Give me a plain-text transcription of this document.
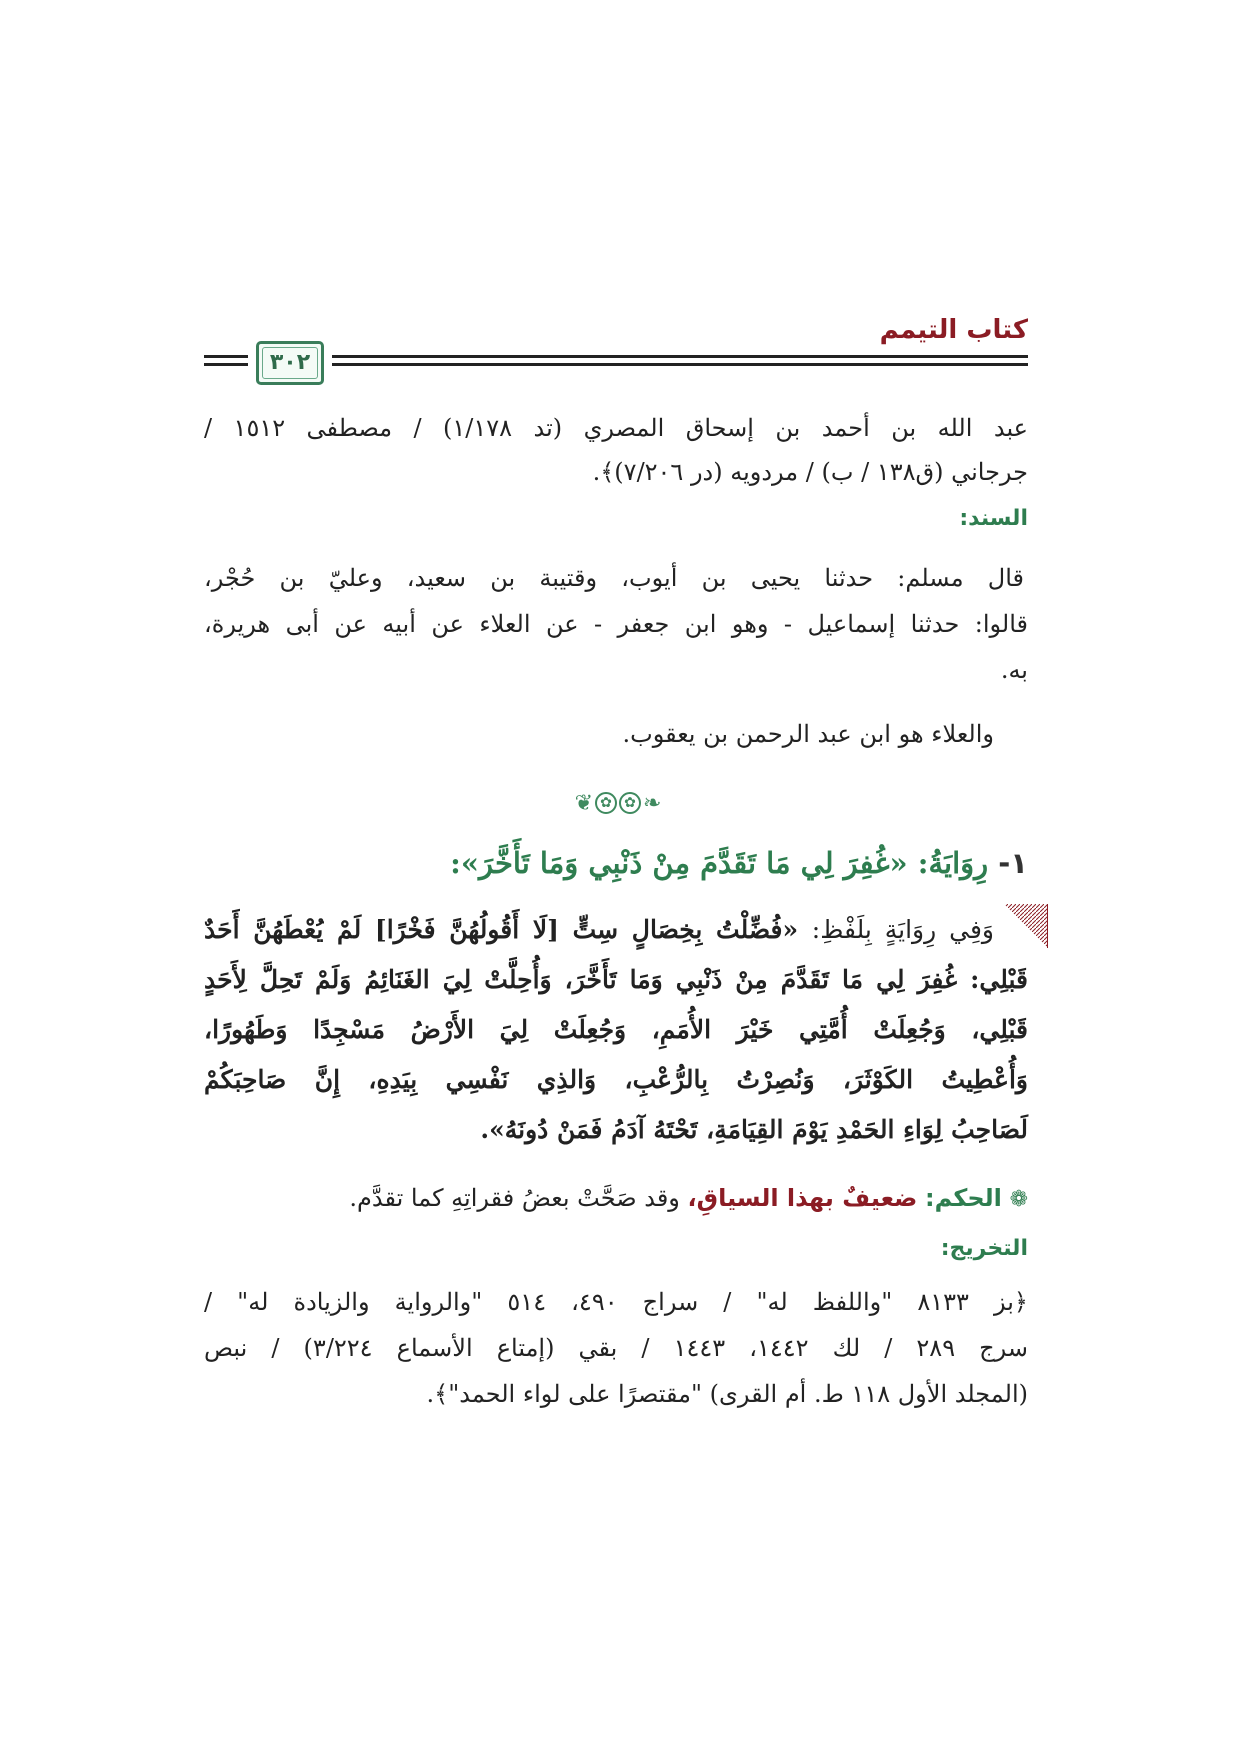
كتاب التيمم
٣٠٢
عبد الله بن أحمد بن إسحاق المصري (تد ١/١٧٨) / مصطفى ١٥١٢ /
جرجاني (ق١٣٨ / ب) / مردويه (در ٧/٢٠٦)﴾.
السند:
قال مسلم: حدثنا يحيى بن أيوب، وقتيبة بن سعيد، وعليّ بن حُجْر،
قالوا: حدثنا إسماعيل - وهو ابن جعفر - عن العلاء عن أبيه عن أبى هريرة،
به.
والعلاء هو ابن عبد الرحمن بن يعقوب.
❦ ✿ ✿ ❧
١- رِوَايَةُ: «غُفِرَ لِي مَا تَقَدَّمَ مِنْ ذَنْبِي وَمَا تَأَخَّرَ»:
وَفِي رِوَايَةٍ بِلَفْظِ: «فُضِّلْتُ بِخِصَالٍ سِتٍّ [لَا أَقُولُهُنَّ فَخْرًا] لَمْ يُعْطَهُنَّ أَحَدٌ
قَبْلِي: غُفِرَ لِي مَا تَقَدَّمَ مِنْ ذَنْبِي وَمَا تَأَخَّرَ، وَأُحِلَّتْ لِيَ الغَنَائِمُ وَلَمْ تَحِلَّ لِأَحَدٍ
قَبْلِي، وَجُعِلَتْ أُمَّتِي خَيْرَ الأُمَمِ، وَجُعِلَتْ لِيَ الأَرْضُ مَسْجِدًا وَطَهُورًا،
وَأُعْطِيتُ الكَوْثَرَ، وَنُصِرْتُ بِالرُّعْبِ، وَالذِي نَفْسِي بِيَدِهِ، إِنَّ صَاحِبَكُمْ
لَصَاحِبُ لِوَاءِ الحَمْدِ يَوْمَ القِيَامَةِ، تَحْتَهُ آدَمُ فَمَنْ دُونَهُ».
❁ الحكم: ضعيفٌ بهذا السياقِ، وقد صَحَّتْ بعضُ فقراتِهِ كما تقدَّم.
التخريج:
﴿بز ٨١٣٣ "واللفظ له" / سراج ٤٩٠، ٥١٤ "والرواية والزيادة له" /
سرج ٢٨٩ / لك ١٤٤٢، ١٤٤٣ / بقي (إمتاع الأسماع ٣/٢٢٤) / نبص
(المجلد الأول ١١٨ ط. أم القرى) "مقتصرًا على لواء الحمد"﴾.
